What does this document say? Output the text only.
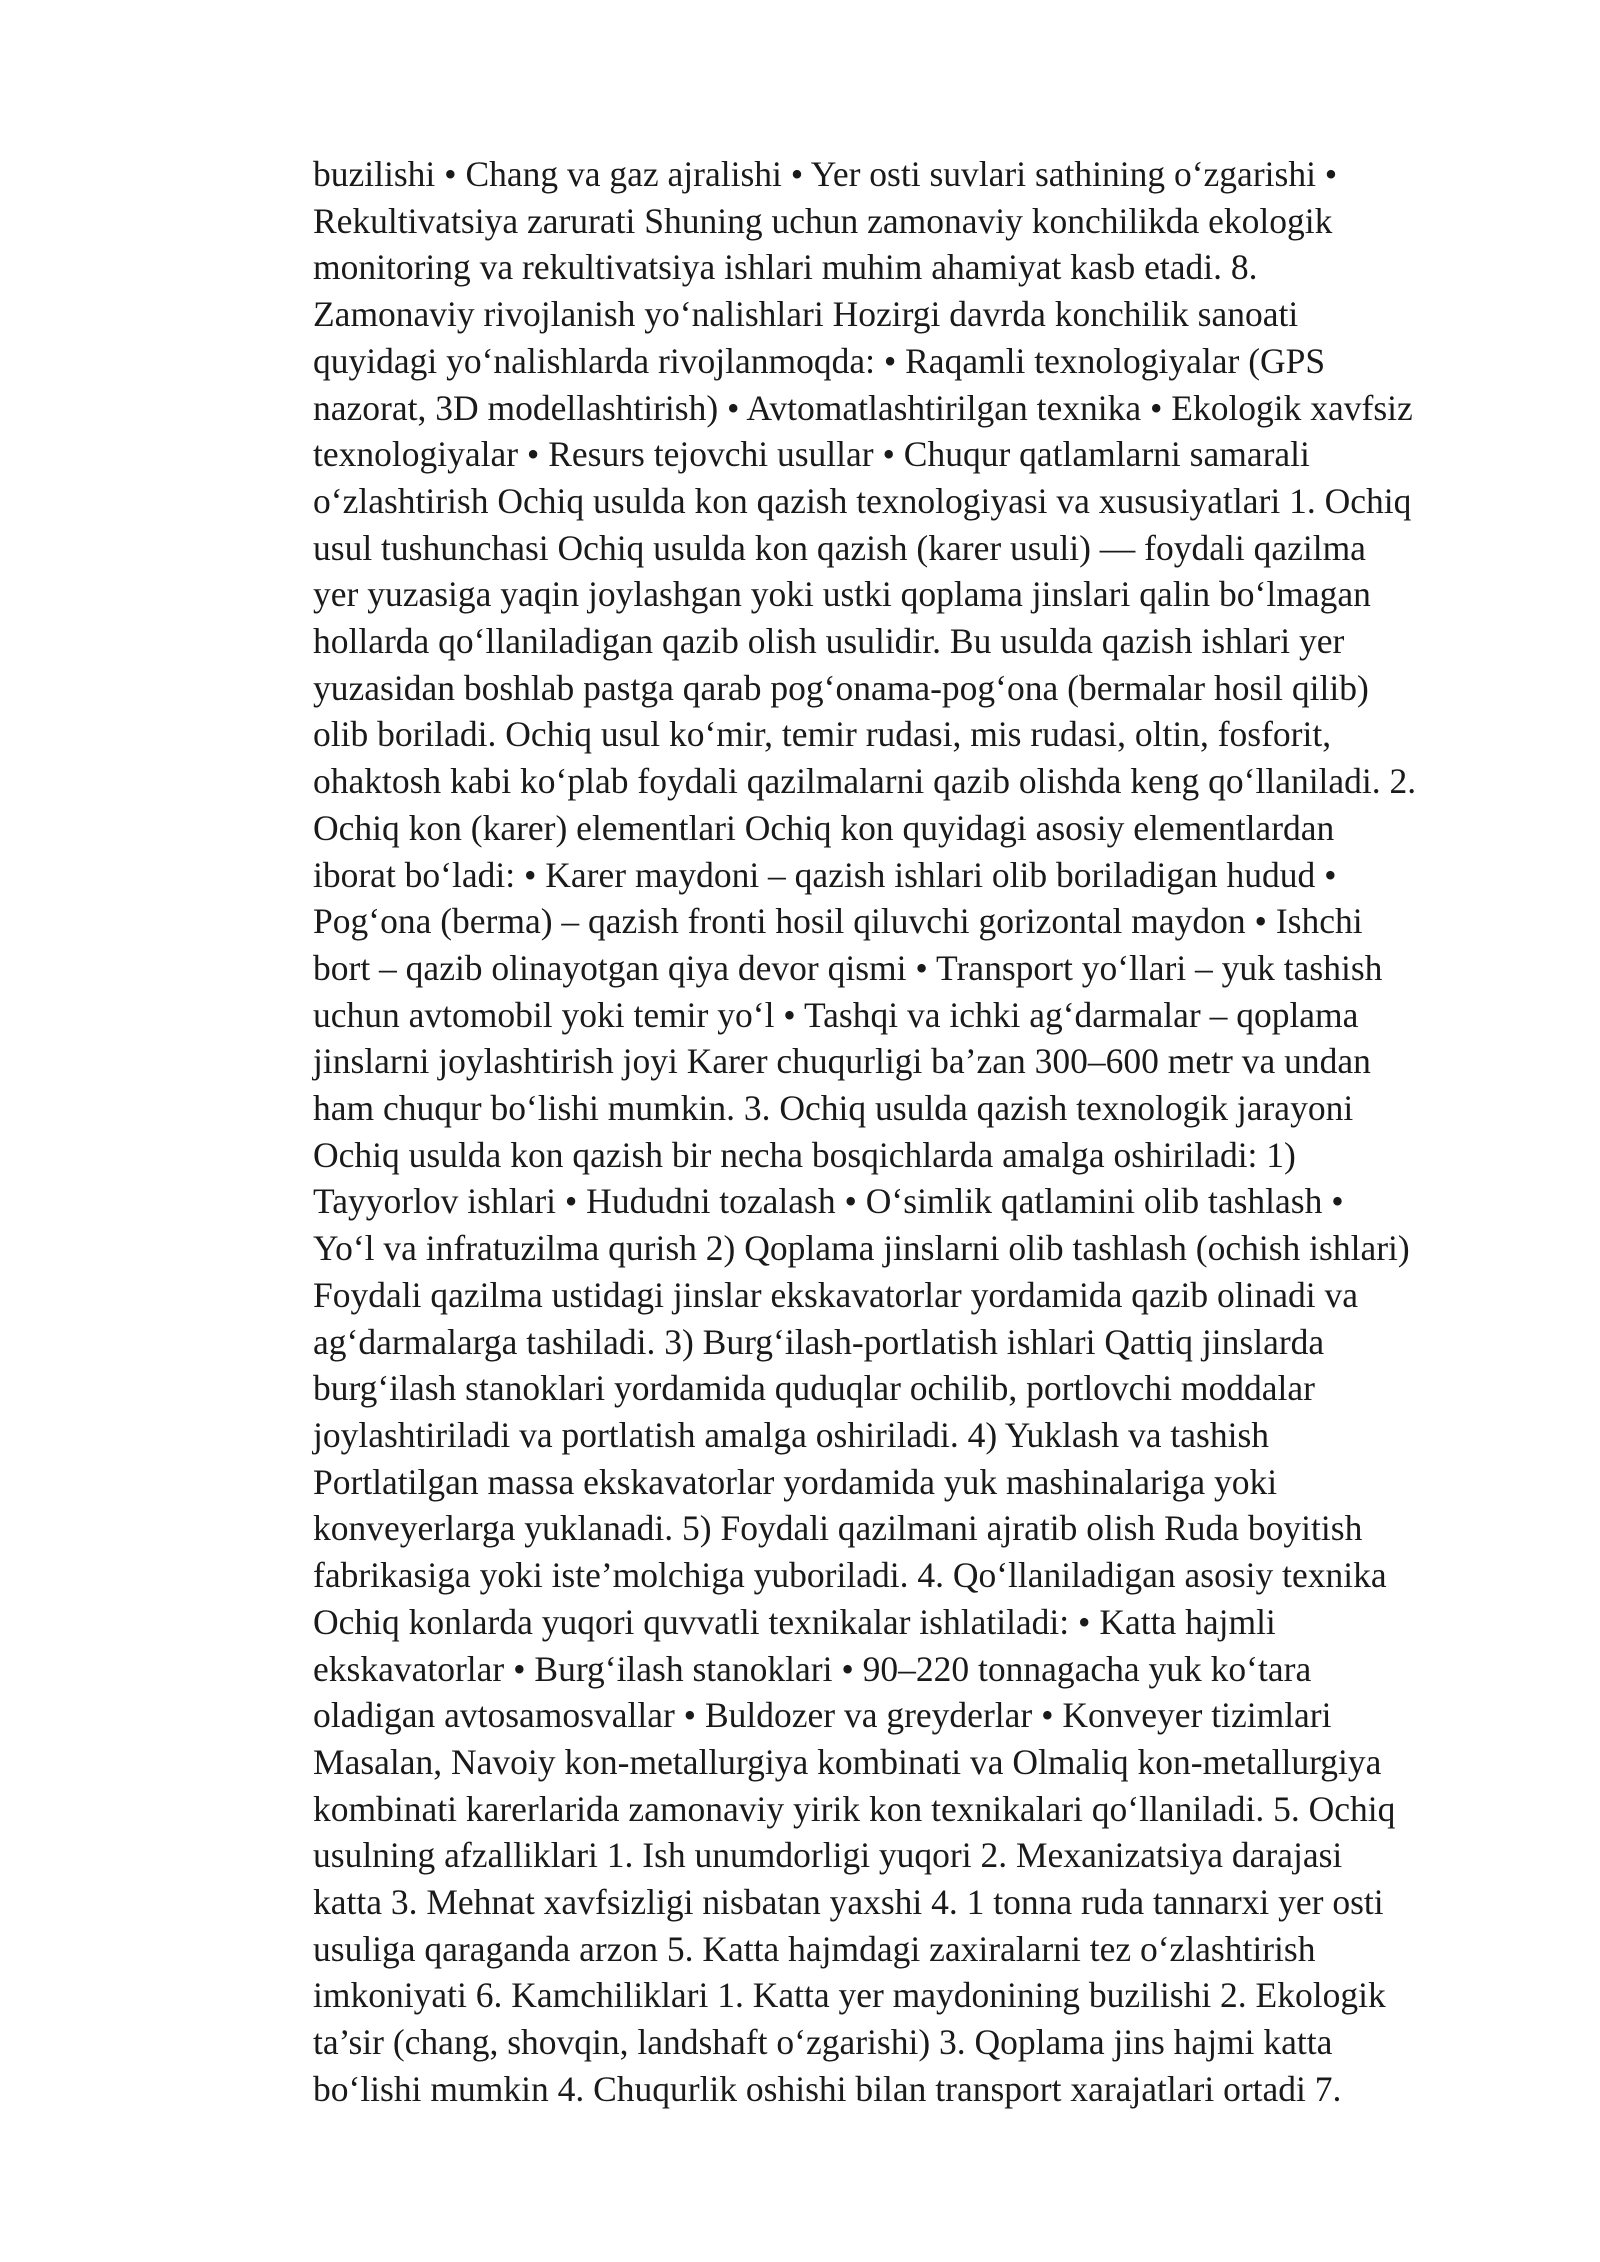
buzilishi • Chang va gaz ajralishi • Yer osti suvlari sathining o‘zgarishi •
Rekultivatsiya zarurati Shuning uchun zamonaviy konchilikda ekologik
monitoring va rekultivatsiya ishlari muhim ahamiyat kasb etadi. 8.
Zamonaviy rivojlanish yo‘nalishlari Hozirgi davrda konchilik sanoati
quyidagi yo‘nalishlarda rivojlanmoqda: • Raqamli texnologiyalar (GPS
nazorat, 3D modellashtirish) • Avtomatlashtirilgan texnika • Ekologik xavfsiz
texnologiyalar • Resurs tejovchi usullar • Chuqur qatlamlarni samarali
o‘zlashtirish Ochiq usulda kon qazish texnologiyasi va xususiyatlari 1. Ochiq
usul tushunchasi Ochiq usulda kon qazish (karer usuli) — foydali qazilma
yer yuzasiga yaqin joylashgan yoki ustki qoplama jinslari qalin bo‘lmagan
hollarda qo‘llaniladigan qazib olish usulidir. Bu usulda qazish ishlari yer
yuzasidan boshlab pastga qarab pog‘onama-pog‘ona (bermalar hosil qilib)
olib boriladi. Ochiq usul ko‘mir, temir rudasi, mis rudasi, oltin, fosforit,
ohaktosh kabi ko‘plab foydali qazilmalarni qazib olishda keng qo‘llaniladi. 2.
Ochiq kon (karer) elementlari Ochiq kon quyidagi asosiy elementlardan
iborat bo‘ladi: • Karer maydoni – qazish ishlari olib boriladigan hudud •
Pog‘ona (berma) – qazish fronti hosil qiluvchi gorizontal maydon • Ishchi
bort – qazib olinayotgan qiya devor qismi • Transport yo‘llari – yuk tashish
uchun avtomobil yoki temir yo‘l • Tashqi va ichki ag‘darmalar – qoplama
jinslarni joylashtirish joyi Karer chuqurligi ba’zan 300–600 metr va undan
ham chuqur bo‘lishi mumkin. 3. Ochiq usulda qazish texnologik jarayoni
Ochiq usulda kon qazish bir necha bosqichlarda amalga oshiriladi: 1)
Tayyorlov ishlari • Hududni tozalash • O‘simlik qatlamini olib tashlash •
Yo‘l va infratuzilma qurish 2) Qoplama jinslarni olib tashlash (ochish ishlari)
Foydali qazilma ustidagi jinslar ekskavatorlar yordamida qazib olinadi va
ag‘darmalarga tashiladi. 3) Burg‘ilash-portlatish ishlari Qattiq jinslarda
burg‘ilash stanoklari yordamida quduqlar ochilib, portlovchi moddalar
joylashtiriladi va portlatish amalga oshiriladi. 4) Yuklash va tashish
Portlatilgan massa ekskavatorlar yordamida yuk mashinalariga yoki
konveyerlarga yuklanadi. 5) Foydali qazilmani ajratib olish Ruda boyitish
fabrikasiga yoki iste’molchiga yuboriladi. 4. Qo‘llaniladigan asosiy texnika
Ochiq konlarda yuqori quvvatli texnikalar ishlatiladi: • Katta hajmli
ekskavatorlar • Burg‘ilash stanoklari • 90–220 tonnagacha yuk ko‘tara
oladigan avtosamosvallar • Buldozer va greyderlar • Konveyer tizimlari
Masalan, Navoiy kon-metallurgiya kombinati va Olmaliq kon-metallurgiya
kombinati karerlarida zamonaviy yirik kon texnikalari qo‘llaniladi. 5. Ochiq
usulning afzalliklari 1. Ish unumdorligi yuqori 2. Mexanizatsiya darajasi
katta 3. Mehnat xavfsizligi nisbatan yaxshi 4. 1 tonna ruda tannarxi yer osti
usuliga qaraganda arzon 5. Katta hajmdagi zaxiralarni tez o‘zlashtirish
imkoniyati 6. Kamchiliklari 1. Katta yer maydonining buzilishi 2. Ekologik
ta’sir (chang, shovqin, landshaft o‘zgarishi) 3. Qoplama jins hajmi katta
bo‘lishi mumkin 4. Chuqurlik oshishi bilan transport xarajatlari ortadi 7.
